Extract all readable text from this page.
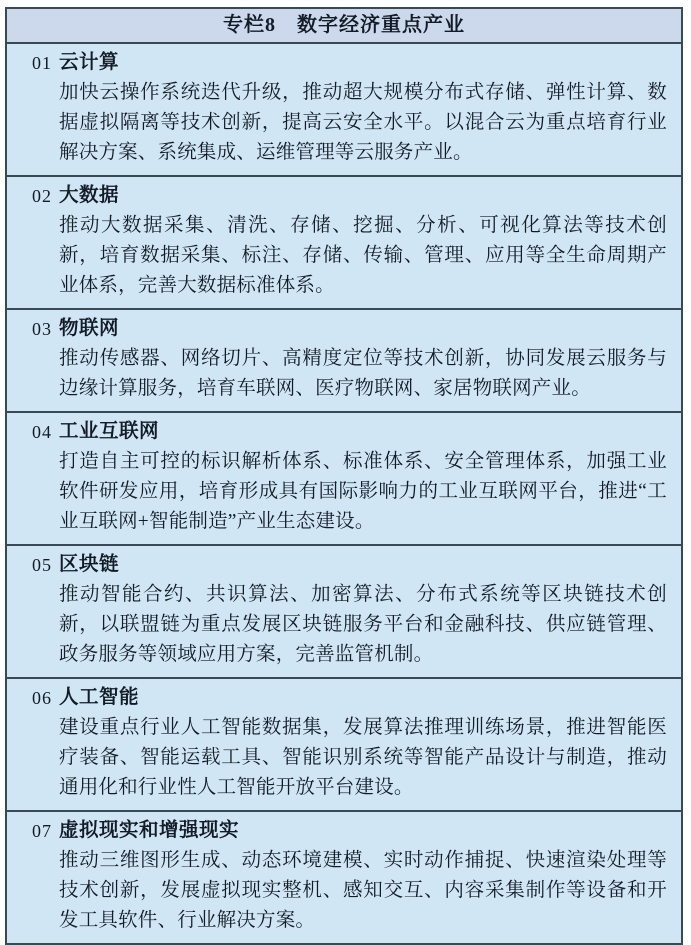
专栏8　数字经济重点产业
01 云计算
加快云操作系统迭代升级，推动超大规模分布式存储、弹性计算、数据虚拟隔离等技术创新，提高云安全水平。以混合云为重点培育行业解决方案、系统集成、运维管理等云服务产业。
02 大数据
推动大数据采集、清洗、存储、挖掘、分析、可视化算法等技术创新，培育数据采集、标注、存储、传输、管理、应用等全生命周期产业体系，完善大数据标准体系。
03 物联网
推动传感器、网络切片、高精度定位等技术创新，协同发展云服务与边缘计算服务，培育车联网、医疗物联网、家居物联网产业。
04 工业互联网
打造自主可控的标识解析体系、标准体系、安全管理体系，加强工业软件研发应用，培育形成具有国际影响力的工业互联网平台，推进“工业互联网+智能制造”产业生态建设。
05 区块链
推动智能合约、共识算法、加密算法、分布式系统等区块链技术创新，以联盟链为重点发展区块链服务平台和金融科技、供应链管理、政务服务等领域应用方案，完善监管机制。
06 人工智能
建设重点行业人工智能数据集，发展算法推理训练场景，推进智能医疗装备、智能运载工具、智能识别系统等智能产品设计与制造，推动通用化和行业性人工智能开放平台建设。
07 虚拟现实和增强现实
推动三维图形生成、动态环境建模、实时动作捕捉、快速渲染处理等技术创新，发展虚拟现实整机、感知交互、内容采集制作等设备和开发工具软件、行业解决方案。
